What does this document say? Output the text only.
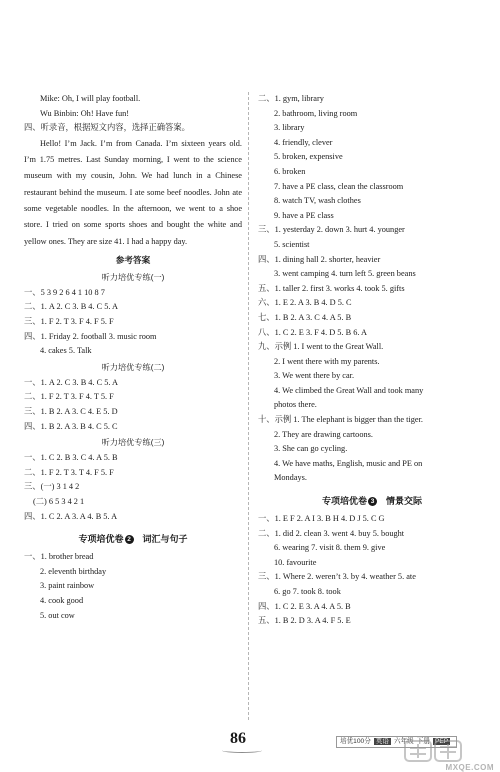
Mike: Oh, I will play football.
Wu Binbin: Oh! Have fun!
四、听录音，根据短文内容，选择正确答案。
Hello! I’m Jack. I’m from Canada. I’m sixteen years old. I’m 1.75 metres. Last Sunday morning, I went to the science museum with my cousin, John. We had lunch in a Chinese restaurant behind the museum. I ate some beef noodles. John ate some vegetable noodles. In the afternoon, we went to a shoe store. I tried on some sports shoes and bought the white and yellow ones. They are size 41. I had a happy day.
参考答案
听力培优专练(一)
一、5 3 9 2 6 4 1 10 8 7
二、1. A 2. C 3. B 4. C 5. A
三、1. F 2. T 3. F 4. F 5. F
四、1. Friday 2. football 3. music room
4. cakes 5. Talk
听力培优专练(二)
一、1. A 2. C 3. B 4. C 5. A
二、1. F 2. T 3. F 4. T 5. F
三、1. B 2. A 3. C 4. E 5. D
四、1. B 2. A 3. B 4. C 5. C
听力培优专练(三)
一、1. C 2. B 3. C 4. A 5. B
二、1. F 2. T 3. T 4. F 5. F
三、(一) 3 1 4 2
(二) 6 5 3 4 2 1
四、1. C 2. A 3. A 4. B 5. A
专项培优卷 2 词汇与句子
一、1. brother bread
2. eleventh birthday
3. paint rainbow
4. cook good
5. out cow
二、1. gym, library
2. bathroom, living room
3. library
4. friendly, clever
5. broken, expensive
6. broken
7. have a PE class, clean the classroom
8. watch TV, wash clothes
9. have a PE class
三、1. yesterday 2. down 3. hurt 4. younger
5. scientist
四、1. dining hall 2. shorter, heavier
3. went camping 4. turn left 5. green beans
五、1. taller 2. first 3. works 4. took 5. gifts
六、1. E 2. A 3. B 4. D 5. C
七、1. B 2. A 3. C 4. A 5. B
八、1. C 2. E 3. F 4. D 5. B 6. A
九、示例 1. I went to the Great Wall.
2. I went there with my parents.
3. We went there by car.
4. We climbed the Great Wall and took many
photos there.
十、示例 1. The elephant is bigger than the tiger.
2. They are drawing cartoons.
3. She can go cycling.
4. We have maths, English, music and PE on
Mondays.
专项培优卷 3 情景交际
一、1. E F 2. A I 3. B H 4. D J 5. C G
二、1. did 2. clean 3. went 4. buy 5. bought
6. wearing 7. visit 8. them 9. give
10. favourite
三、1. Where 2. weren’t 3. by 4. weather 5. ate
6. go 7. took 8. took
四、1. C 2. E 3. A 4. A 5. B
五、1. B 2. D 3. A 4. F 5. E
86	培优100分 英语 六年级 下册 PEP
MXQE.COM
